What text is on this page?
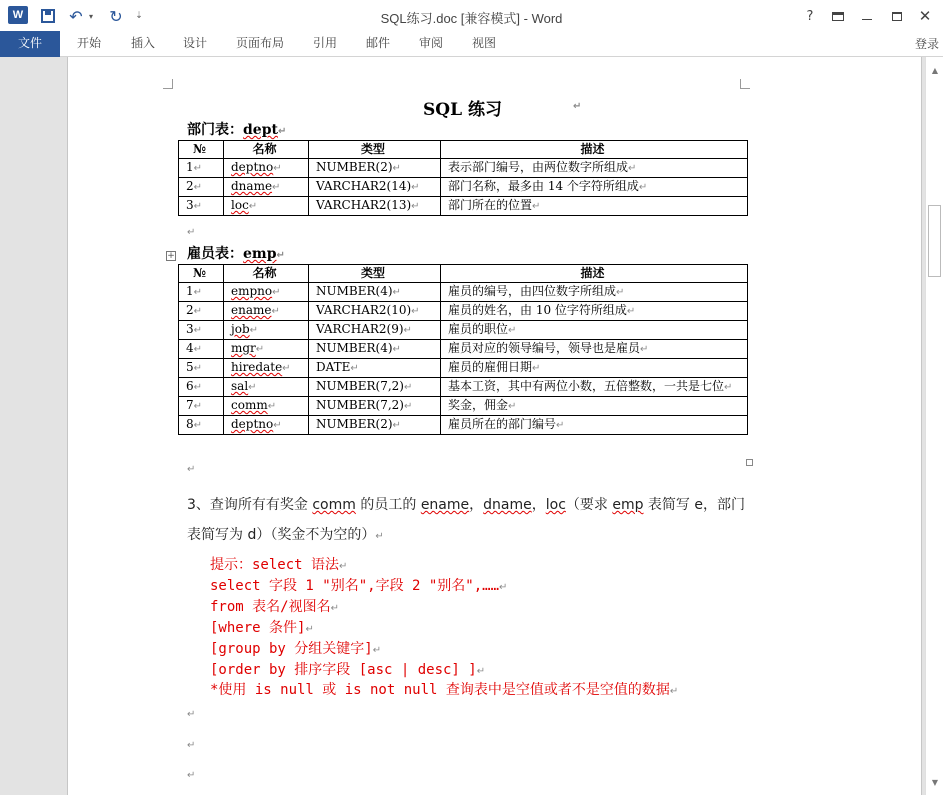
W	↶ ▾ ↻	⇣	SQL练习.doc [兼容模式] - Word	?	✕
文件	开始	插入	设计	页面布局	引用	邮件	审阅	视图	登录
SQL 练习	↵
部门表：dept↵
№	名称	类型	描述
1↵	deptno↵	NUMBER(2)↵	表示部门编号，由两位数字所组成↵
2↵	dname↵	VARCHAR2(14)↵	部门名称，最多由 14 个字符所组成↵
3↵	loc↵	VARCHAR2(13)↵	部门所在的位置↵
↵
+ 雇员表：emp↵
№	名称	类型	描述
1↵	empno↵	NUMBER(4)↵	雇员的编号，由四位数字所组成↵
2↵	ename↵	VARCHAR2(10)↵	雇员的姓名，由 10 位字符所组成↵
3↵	job↵	VARCHAR2(9)↵	雇员的职位↵
4↵	mgr↵	NUMBER(4)↵	雇员对应的领导编号，领导也是雇员↵
5↵	hiredate↵	DATE↵	雇员的雇佣日期↵
6↵	sal↵	NUMBER(7,2)↵	基本工资，其中有两位小数，五倍整数，一共是七位↵
7↵	comm↵	NUMBER(7,2)↵	奖金，佣金↵
8↵	deptno↵	NUMBER(2)↵	雇员所在的部门编号↵
↵
3、查询所有有奖金 comm 的员工的 ename，dname，loc（要求 emp 表简写 e，部门表简写为 d）（奖金不为空的）↵
提示：select 语法↵
select 字段 1 "别名",字段 2 "别名",……↵
from 表名/视图名↵
[where 条件]↵
[group by 分组关键字]↵
[order by 排序字段 [asc | desc] ]↵
*使用 is null 或 is not null 查询表中是空值或者不是空值的数据↵
↵
↵
↵
▲
▼
